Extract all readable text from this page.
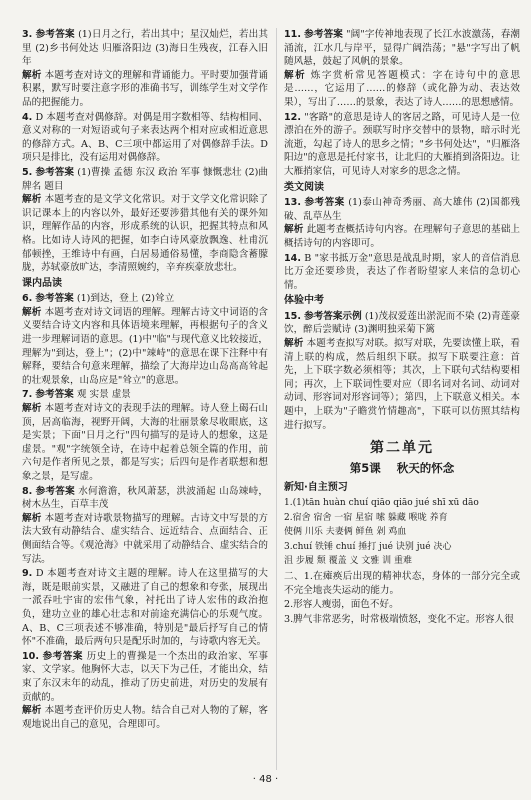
3. 参考答案 (1)日月之行，若出其中；星汉灿烂，若出其里 (2)乡书何处达 归雁洛阳边 (3)海日生残夜，江春入旧年
解析 本题考查对诗文的理解和背诵能力。平时要加强背诵积累，默写时要注意字形的准确书写，训练学生对文学作品的把握能力。
4. D 本题考查对偶修辞。对偶是用字数相等、结构相同、意义对称的一对短语或句子来表达两个相对应或相近意思的修辞方式。A、B、C三项中都运用了对偶修辞手法。D项只是排比，没有运用对偶修辞。
5. 参考答案 (1)曹操 孟德 东汉 政治 军事 慷慨悲壮 (2)曲牌名 题目
解析 本题考查的是文学文化常识。对于文学文化常识除了识记课本上的内容以外，最好还要涉猎其他有关的课外知识，理解作品的内容，形成系统的认识，把握其特点和风格。比如诗人诗风的把握，如李白诗风豪放飘逸、杜甫沉郁顿挫，王维诗中有画，白居易通俗易懂，李商隐含蓄朦胧，苏轼豪放旷达，李清照婉约，辛弃疾豪放悲壮。
课内品读
6. 参考答案 (1)到达，登上 (2)耸立
解析 本题考查对诗文词语的理解。理解古诗文中词语的含义要结合诗文内容和具体语境来理解，再根据句子的含义进一步理解词语的意思。(1)中"临"与现代意义比较接近，理解为"到达，登上"；(2)中"竦峙"的意思在课下注释中有解释，要结合句意来理解，描绘了大海岸边山岛高高耸起的壮观景象，山岛应是"耸立"的意思。
7. 参考答案 观 实景 虚景
解析 本题考查对诗文的表现手法的理解。诗人登上碣石山顶，居高临海，视野开阔，大海的壮丽景象尽收眼底，这是实景；下面"日月之行"四句描写的是诗人的想象，这是虚景。"观"字统领全诗，在诗中起着总领全篇的作用，前六句是作者所见之景，都是写实；后四句是作者联想和想象之景，是写虚。
8. 参考答案 水何澹澹，秋风萧瑟，洪波涌起 山岛竦峙，树木丛生，百草丰茂
解析 本题考查对诗歌景物描写的理解。古诗文中写景的方法大致有动静结合、虚实结合、远近结合、点面结合、正侧面结合等。《观沧海》中就采用了动静结合、虚实结合的写法。
9. D 本题考查对诗文主题的理解。诗人在这里描写的大海，既是眼前实景，又融进了自己的想象和夸张，展现出一派吞吐宇宙的宏伟气象，衬托出了诗人宏伟的政治抱负，建功立业的雄心壮志和对前途充满信心的乐观气度。A、B、C三项表述不够准确，特别是"最后抒写自己的情怀"不准确，最后两句只是配乐时加的，与诗歌内容无关。
10. 参考答案 历史上的曹操是一个杰出的政治家、军事家、文学家。他胸怀大志，以天下为己任，才能出众，结束了东汉末年的动乱，推动了历史前进，对历史的发展有贡献的。
解析 本题考查评价历史人物。结合自己对人物的了解，客观地说出自己的意见，合理即可。
11. 参考答案 "阔"字传神地表现了长江水波激荡，春潮涌流，江水几与岸平，显得广阔浩荡；"悬"字写出了帆随风悬，鼓起了风帆的景象。
解析 炼字赏析常见答题模式：字在诗句中的意思是……，它运用了……的修辞（或化静为动、表达效果），写出了……的景象，表达了诗人……的思想感情。
12. "客路"的意思是诗人的客居之路，可见诗人是一位漂泊在外的游子。颈联写时序交替中的景物，暗示时光流逝，勾起了诗人的思乡之情；"乡书何处达"，"归雁洛阳边"的意思是托付家书，让北归的大雁捎到洛阳边。让大雁捎家信，可见诗人对家乡的思念之情。
类文阅读
13. 参考答案 (1)泰山神奇秀丽、高大雄伟 (2)国都残破、乱草丛生
解析 此题考查概括诗句内容。在理解句子意思的基础上概括诗句的内容即可。
14. B "家书抵万金"意思是战乱时期，家人的音信消息比万金还要珍贵，表达了作者盼望家人来信的急切心情。
体验中考
15. 参考答案示例 (1)茂叔爱莲出淤泥而不染 (2)青莲豪饮，醉后尝赋诗 (3)渊明独采菊下篱
解析 本题考查拟写对联。拟写对联，先要读懂上联，看清上联的构成，然后组织下联。拟写下联要注意：首先，上下联字数必须相等；其次，上下联句式结构要相同；再次，上下联词性要对应（即名词对名词、动词对动词、形容词对形容词等）；第四，上下联意义相关。本题中，上联为"子瞻赏竹情趣高"，下联可以仿照其结构进行拟写。
第二单元
第5课 秋天的怀念
新知·自主预习
1.(1)tān huàn chuí qiāo qiāo jué shī xū dāo
2.宿舍 宿舍 一宿 星宿 嗦 躲藏 喉咙 养育
使俩 川乐 夫妻俩 鲜鱼 剁 鸡血
3.chuí 铁锤 chuí 捶打 jué 诀别 jué 决心
沮 步履 颓 覆盖 义 文雅 训 重难
二、1.在瘫痪后出现的精神状态，身体的一部分完全或不完全地丧失运动的能力。
2.形容人瘦弱，面色不好。
3.脾气非常恶劣，时常极端愤怒，变化不定。形容人很
· 48 ·
